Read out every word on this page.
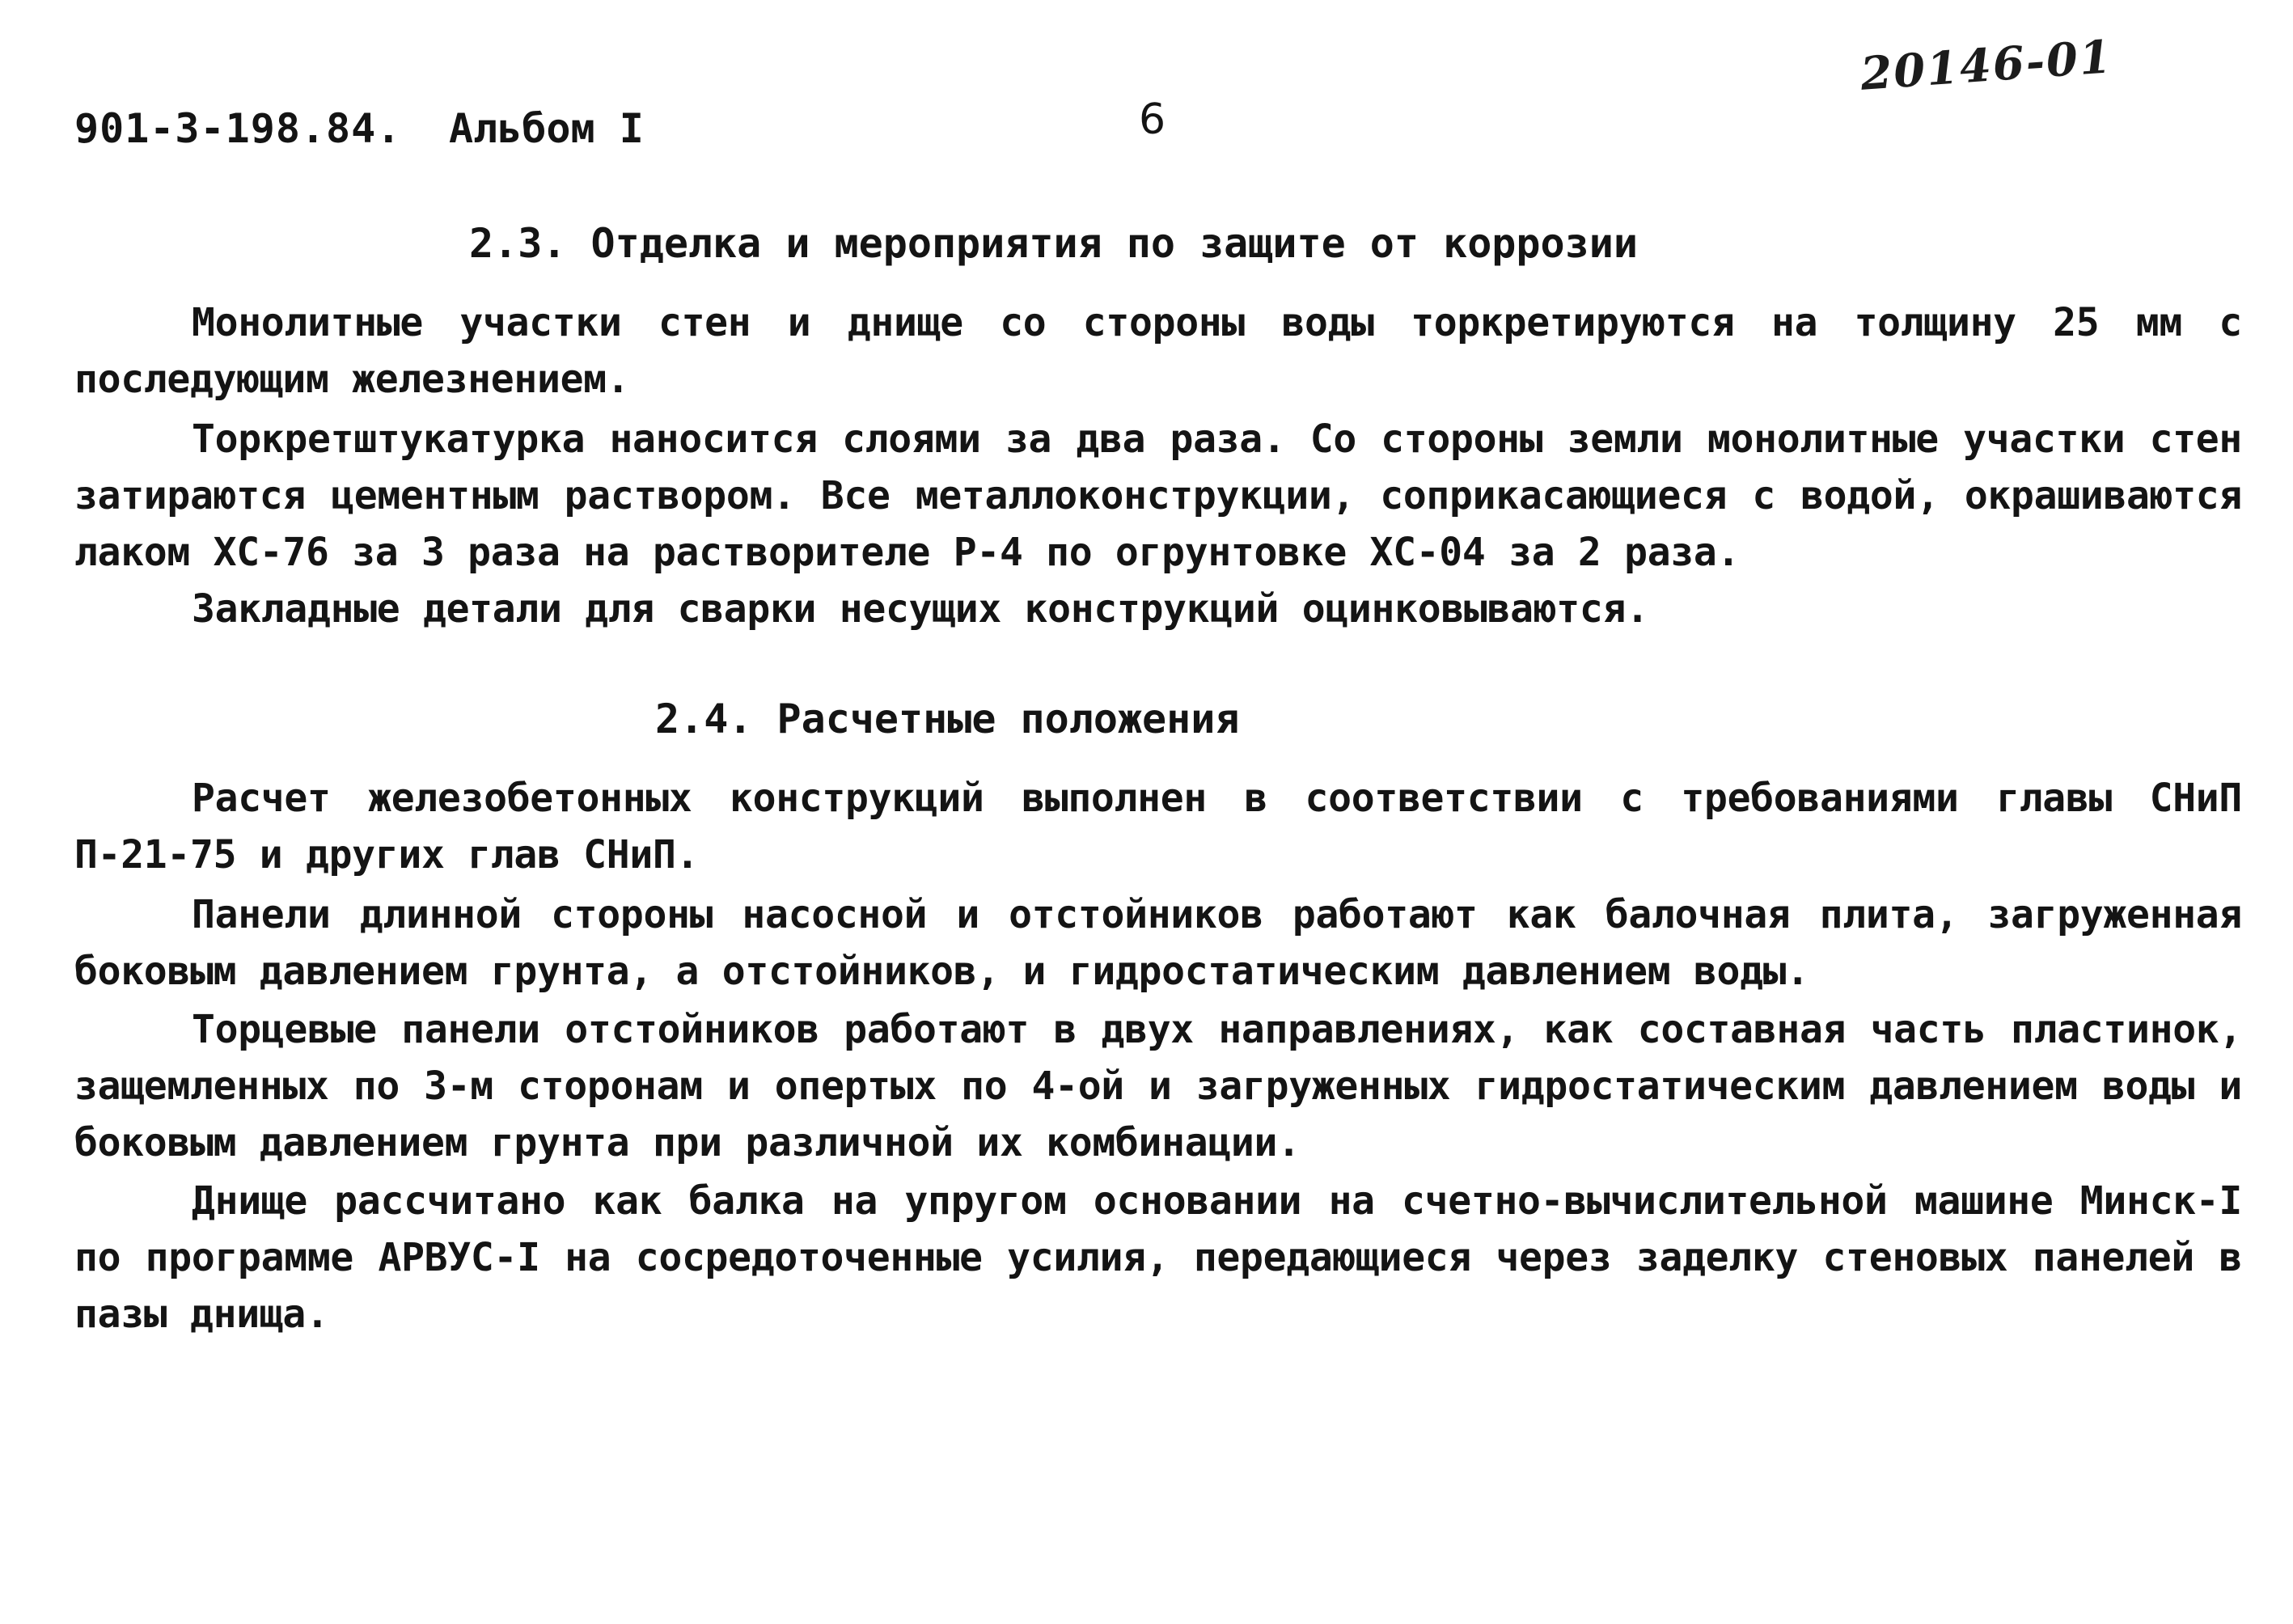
20146-01
901-3-198.84. Альбом I	6
2.3. Отделка и мероприятия по защите от коррозии

Монолитные участки стен и днище со стороны воды торкретируются на толщину 25 мм с последующим железнением.

Торкретштукатурка наносится слоями за два раза. Со стороны земли монолитные участки стен затираются цементным раствором. Все металлоконструкции, соприкасающиеся с водой, окрашиваются лаком ХС-76 за 3 раза на растворителе Р-4 по огрунтовке ХС-04 за 2 раза.

Закладные детали для сварки несущих конструкций оцинковываются.

2.4. Расчетные положения

Расчет железобетонных конструкций выполнен в соответствии с требованиями главы СНиП П-21-75 и других глав СНиП.

Панели длинной стороны насосной и отстойников работают как балочная плита, загруженная боковым давлением грунта, а отстойников, и гидростатическим давлением воды.

Торцевые панели отстойников работают в двух направлениях, как составная часть пластинок, защемленных по 3-м сторонам и опертых по 4-ой и загруженных гидростатическим давлением воды и боковым давлением грунта при различной их комбинации.

Днище рассчитано как балка на упругом основании на счетно-вычислительной машине Минск-I по программе АРВУС-I на сосредоточенные усилия, передающиеся через заделку стеновых панелей в пазы днища.
